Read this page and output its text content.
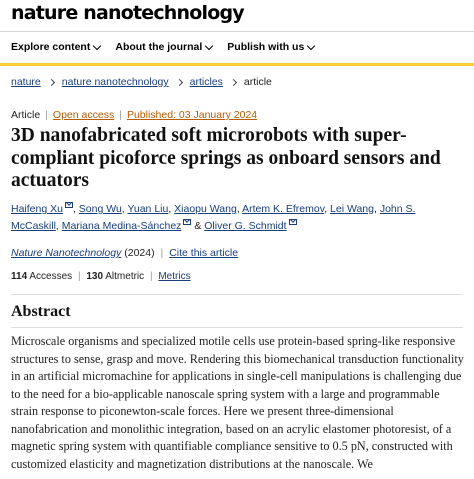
nature nanotechnology
Explore content About the journal Publish with us
nature nature nanotechnology articles article
Article | Open access | Published: 03 January 2024
3D nanofabricated soft microrobots with super-compliant picoforce springs as onboard sensors and actuators
Haifeng Xu , Song Wu, Yuan Liu, Xiaopu Wang, Artem K. Efremov, Lei Wang, John S. McCaskill, Mariana Medina-Sánchez & Oliver G. Schmidt
Nature Nanotechnology (2024) | Cite this article
114 Accesses | 130 Altmetric | Metrics
Abstract

Microscale organisms and specialized motile cells use protein-based spring-like responsive structures to sense, grasp and move. Rendering this biomechanical transduction functionality in an artificial micromachine for applications in single-cell manipulations is challenging due to the need for a bio-applicable nanoscale spring system with a large and programmable strain response to piconewton-scale forces. Here we present three-dimensional nanofabrication and monolithic integration, based on an acrylic elastomer photoresist, of a magnetic spring system with quantifiable compliance sensitive to 0.5 pN, constructed with customized elasticity and magnetization distributions at the nanoscale. We
